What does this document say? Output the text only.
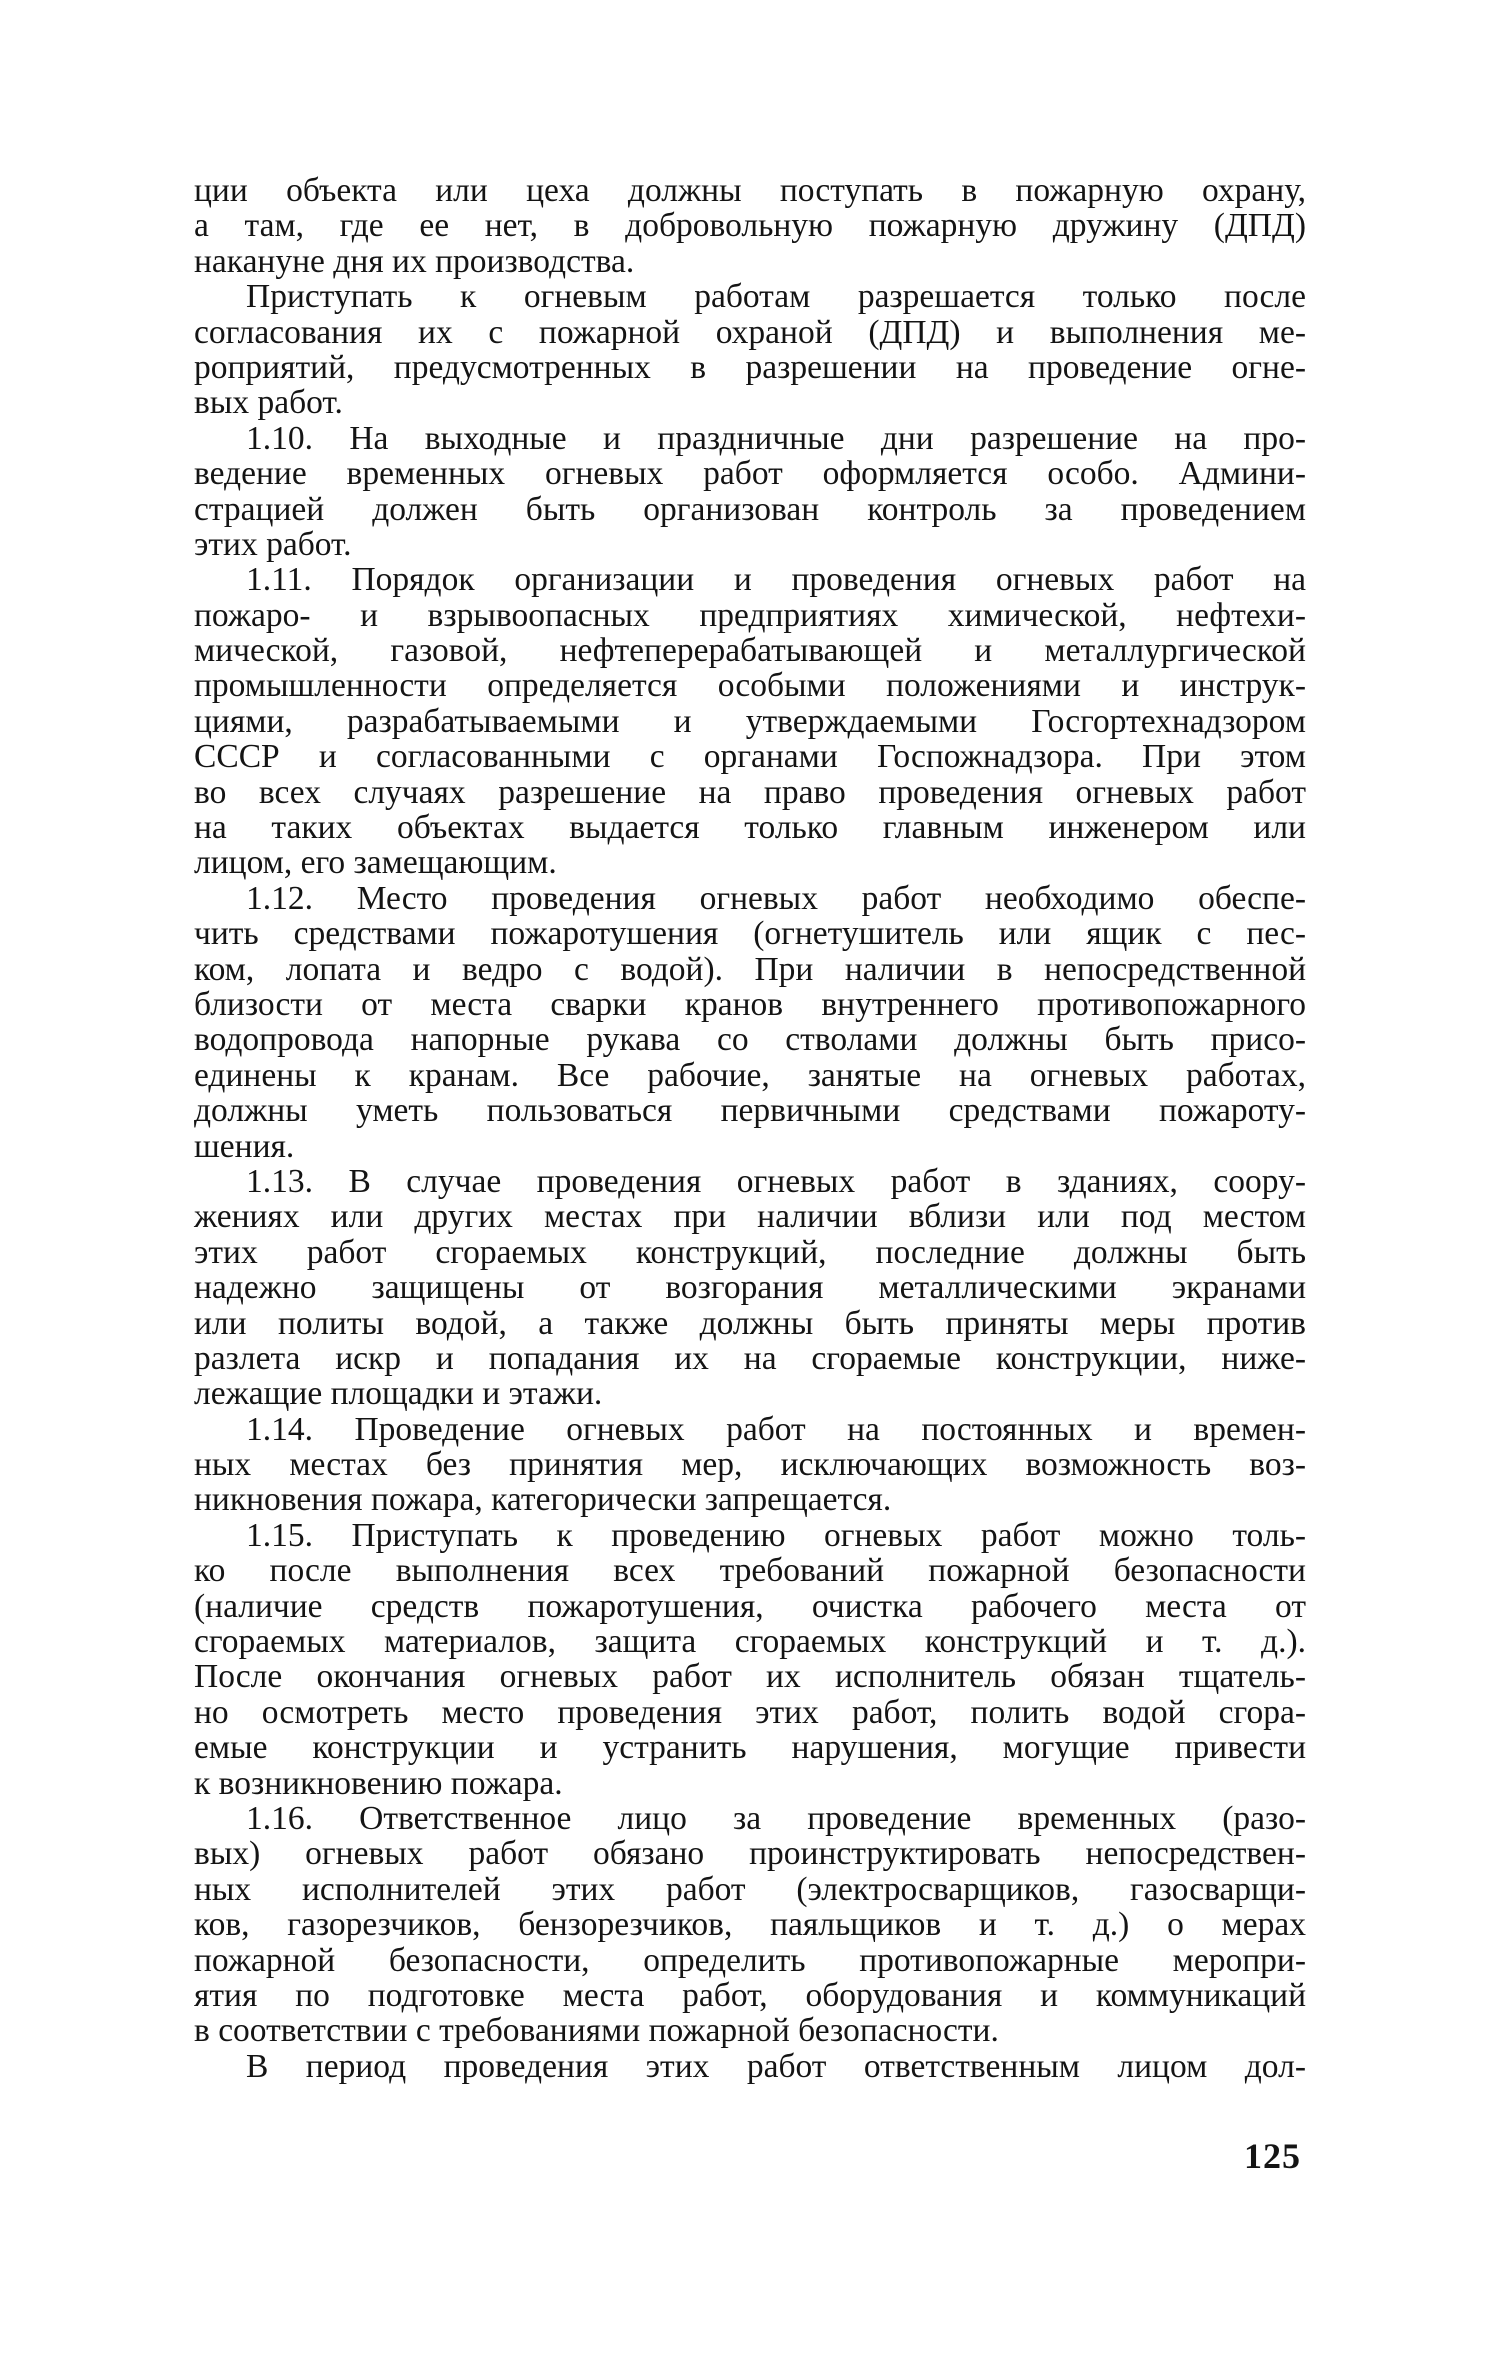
ции объекта или цеха должны поступать в пожарную охрану,
а там, где ее нет, в добровольную пожарную дружину (ДПД)
накануне дня их производства.
Приступать к огневым работам разрешается только после
согласования их с пожарной охраной (ДПД) и выполнения ме-
роприятий, предусмотренных в разрешении на проведение огне-
вых работ.
1.10. На выходные и праздничные дни разрешение на про-
ведение временных огневых работ оформляется особо. Админи-
страцией должен быть организован контроль за проведением
этих работ.
1.11. Порядок организации и проведения огневых работ на
пожаро- и взрывоопасных предприятиях химической, нефтехи-
мической, газовой, нефтеперерабатывающей и металлургической
промышленности определяется особыми положениями и инструк-
циями, разрабатываемыми и утверждаемыми Госгортехнадзором
СССР и согласованными с органами Госпожнадзора. При этом
во всех случаях разрешение на право проведения огневых работ
на таких объектах выдается только главным инженером или
лицом, его замещающим.
1.12. Место проведения огневых работ необходимо обеспе-
чить средствами пожаротушения (огнетушитель или ящик с пес-
ком, лопата и ведро с водой). При наличии в непосредственной
близости от места сварки кранов внутреннего противопожарного
водопровода напорные рукава со стволами должны быть присо-
единены к кранам. Все рабочие, занятые на огневых работах,
должны уметь пользоваться первичными средствами пожароту-
шения.
1.13. В случае проведения огневых работ в зданиях, соору-
жениях или других местах при наличии вблизи или под местом
этих работ сгораемых конструкций, последние должны быть
надежно защищены от возгорания металлическими экранами
или политы водой, а также должны быть приняты меры против
разлета искр и попадания их на сгораемые конструкции, ниже-
лежащие площадки и этажи.
1.14. Проведение огневых работ на постоянных и времен-
ных местах без принятия мер, исключающих возможность воз-
никновения пожара, категорически запрещается.
1.15. Приступать к проведению огневых работ можно толь-
ко после выполнения всех требований пожарной безопасности
(наличие средств пожаротушения, очистка рабочего места от
сгораемых материалов, защита сгораемых конструкций и т. д.).
После окончания огневых работ их исполнитель обязан тщатель-
но осмотреть место проведения этих работ, полить водой сгора-
емые конструкции и устранить нарушения, могущие привести
к возникновению пожара.
1.16. Ответственное лицо за проведение временных (разо-
вых) огневых работ обязано проинструктировать непосредствен-
ных исполнителей этих работ (электросварщиков, газосварщи-
ков, газорезчиков, бензорезчиков, паяльщиков и т. д.) о мерах
пожарной безопасности, определить противопожарные меропри-
ятия по подготовке места работ, оборудования и коммуникаций
в соответствии с требованиями пожарной безопасности.
В период проведения этих работ ответственным лицом дол-
125
